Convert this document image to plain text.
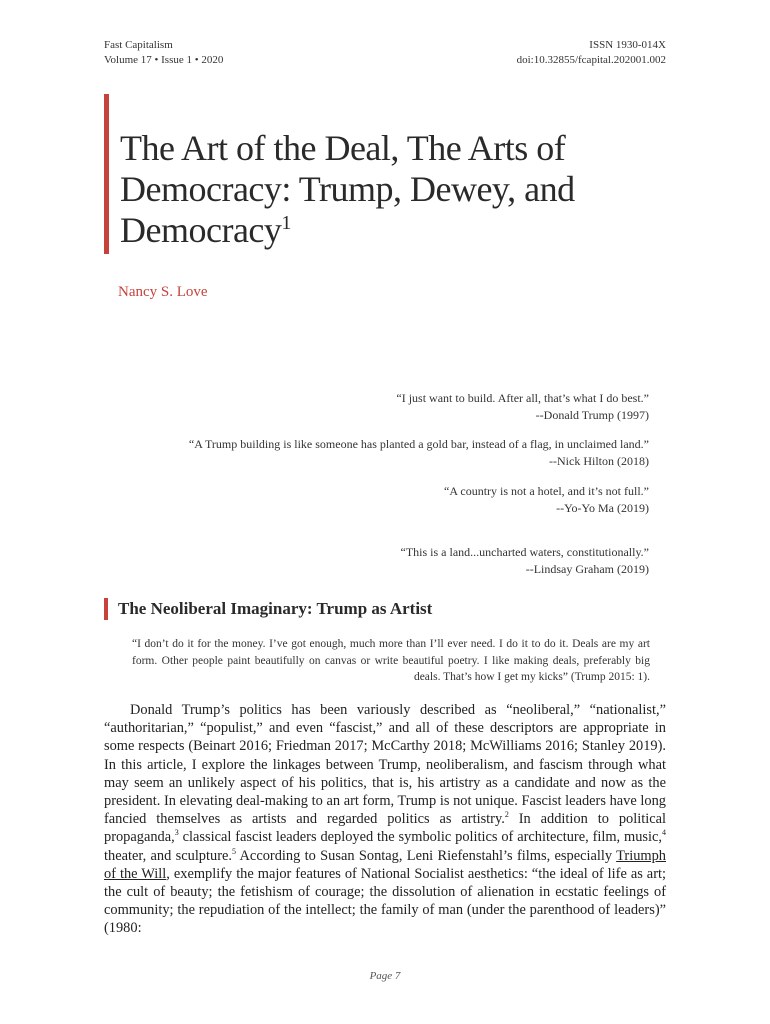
Fast Capitalism
Volume 17 • Issue 1 • 2020
ISSN 1930-014X
doi:10.32855/fcapital.202001.002
The Art of the Deal, The Arts of Democracy: Trump, Dewey, and Democracy$^1$
Nancy S. Love
“I just want to build. After all, that’s what I do best.”
--Donald Trump (1997)
“A Trump building is like someone has planted a gold bar, instead of a flag, in unclaimed land.”
--Nick Hilton (2018)
“A country is not a hotel, and it’s not full.”
--Yo-Yo Ma (2019)
“This is a land...uncharted waters, constitutionally.”
--Lindsay Graham (2019)
The Neoliberal Imaginary: Trump as Artist
“I don’t do it for the money. I’ve got enough, much more than I’ll ever need. I do it to do it. Deals are my art form. Other people paint beautifully on canvas or write beautiful poetry. I like making deals, preferably big deals. That’s how I get my kicks” (Trump 2015: 1).

Donald Trump’s politics has been variously described as “neoliberal,” “nationalist,” “authoritarian,” “populist,” and even “fascist,” and all of these descriptors are appropriate in some respects (Beinart 2016; Friedman 2017; McCarthy 2018; McWilliams 2016; Stanley 2019). In this article, I explore the linkages between Trump, neoliberalism, and fascism through what may seem an unlikely aspect of his politics, that is, his artistry as a candidate and now as the president. In elevating deal-making to an art form, Trump is not unique. Fascist leaders have long fancied themselves as artists and regarded politics as artistry.$^2$ In addition to political propaganda,$^3$ classical fascist leaders deployed the symbolic politics of architecture, film, music,$^4$ theater, and sculpture.$^5$ According to Susan Sontag, Leni Riefenstahl’s films, especially Triumph of the Will, exemplify the major features of National Socialist aesthetics: “the ideal of life as art; the cult of beauty; the fetishism of courage; the dissolution of alienation in ecstatic feelings of community; the repudiation of the intellect; the family of man (under the parenthood of leaders)” (1980:

Page 7
